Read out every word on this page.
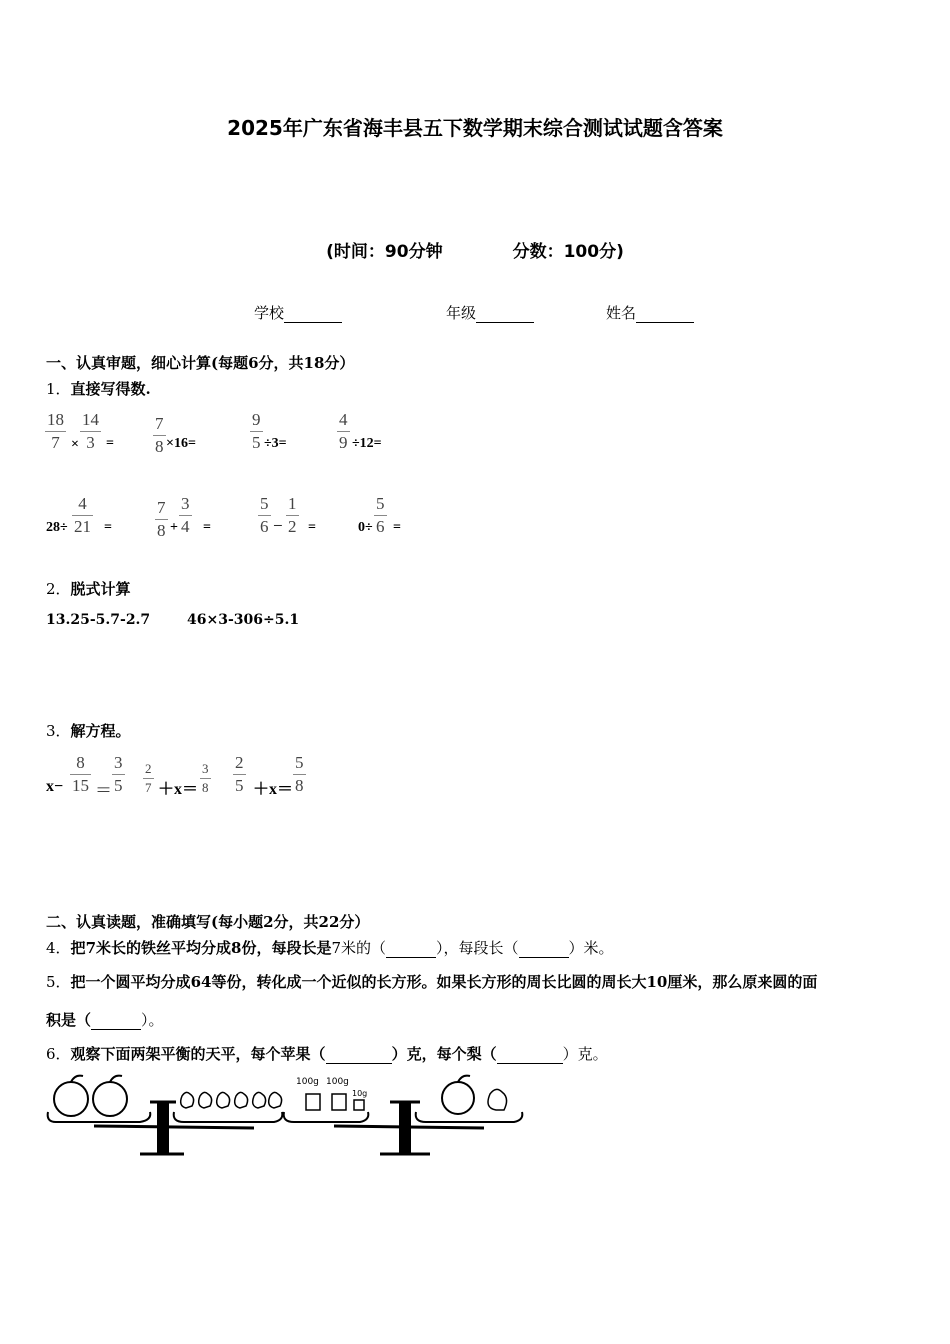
2025年广东省海丰县五下数学期末综合测试试题含答案
(时间：90分钟	分数：100分)
学校	年级	姓名
一、认真审题，细心计算(每题6分，共18分）
1．直接写得数.
18
7 ×
14
3 =
7
8 ×16=
9
5 ÷3=
4
9 ÷12=
28÷
4
21 =
7
8 +
3
4 =
5
6 −
1
2 =	0÷
5
6 =
2．脱式计算
13.25-5.7-2.7	46×3-306÷5.1
3．解方程。
x−
8
15 ＝
3
5
2
7 ＋x＝
3
8
2
5 ＋x＝
5
8
二、认真读题，准确填写(每小题2分，共22分）
4．把7米长的铁丝平均分成8份，每段长是7米的（	），每段长（	）米。
5．把一个圆平均分成64等份，转化成一个近似的长方形。如果长方形的周长比圆的周长大10厘米，那么原来圆的面
积是（	）。
6．观察下面两架平衡的天平，每个苹果（	）克，每个梨（	）克。
100g 100g
10g
